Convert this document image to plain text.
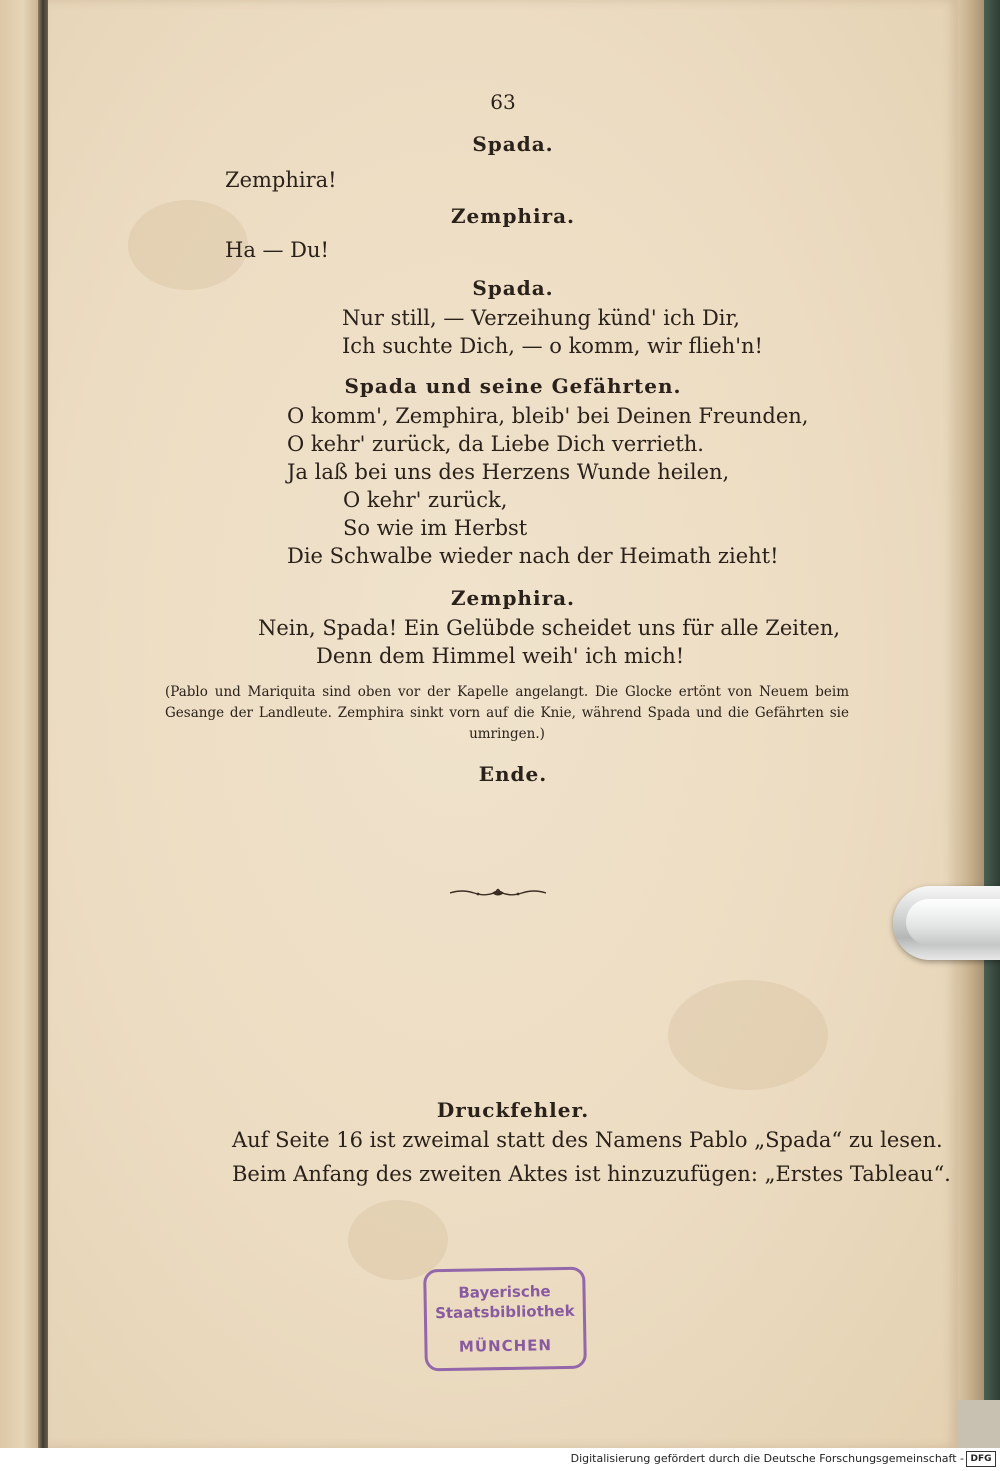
63
Spada.
Zemphira!
Zemphira.
Ha — Du!
Spada.
Nur still, — Verzeihung künd' ich Dir,
Ich suchte Dich, — o komm, wir flieh'n!
Spada und seine Gefährten.
O komm', Zemphira, bleib' bei Deinen Freunden,
O kehr' zurück, da Liebe Dich verrieth.
Ja laß bei uns des Herzens Wunde heilen,
O kehr' zurück,
So wie im Herbst
Die Schwalbe wieder nach der Heimath zieht!
Zemphira.
Nein, Spada! Ein Gelübde scheidet uns für alle Zeiten,
Denn dem Himmel weih' ich mich!
(Pablo und Mariquita sind oben vor der Kapelle angelangt. Die Glocke ertönt von Neuem beim Gesange der Landleute. Zemphira sinkt vorn auf die Knie, während Spada und die Gefährten sie umringen.)
Ende.
Druckfehler.
Auf Seite 16 ist zweimal statt des Namens Pablo „Spada“ zu lesen.
Beim Anfang des zweiten Aktes ist hinzuzufügen: „Erstes Tableau“.
Bayerische
Staatsbibliothek
MÜNCHEN
Digitalisierung gefördert durch die Deutsche Forschungsgemeinschaft - DFG
